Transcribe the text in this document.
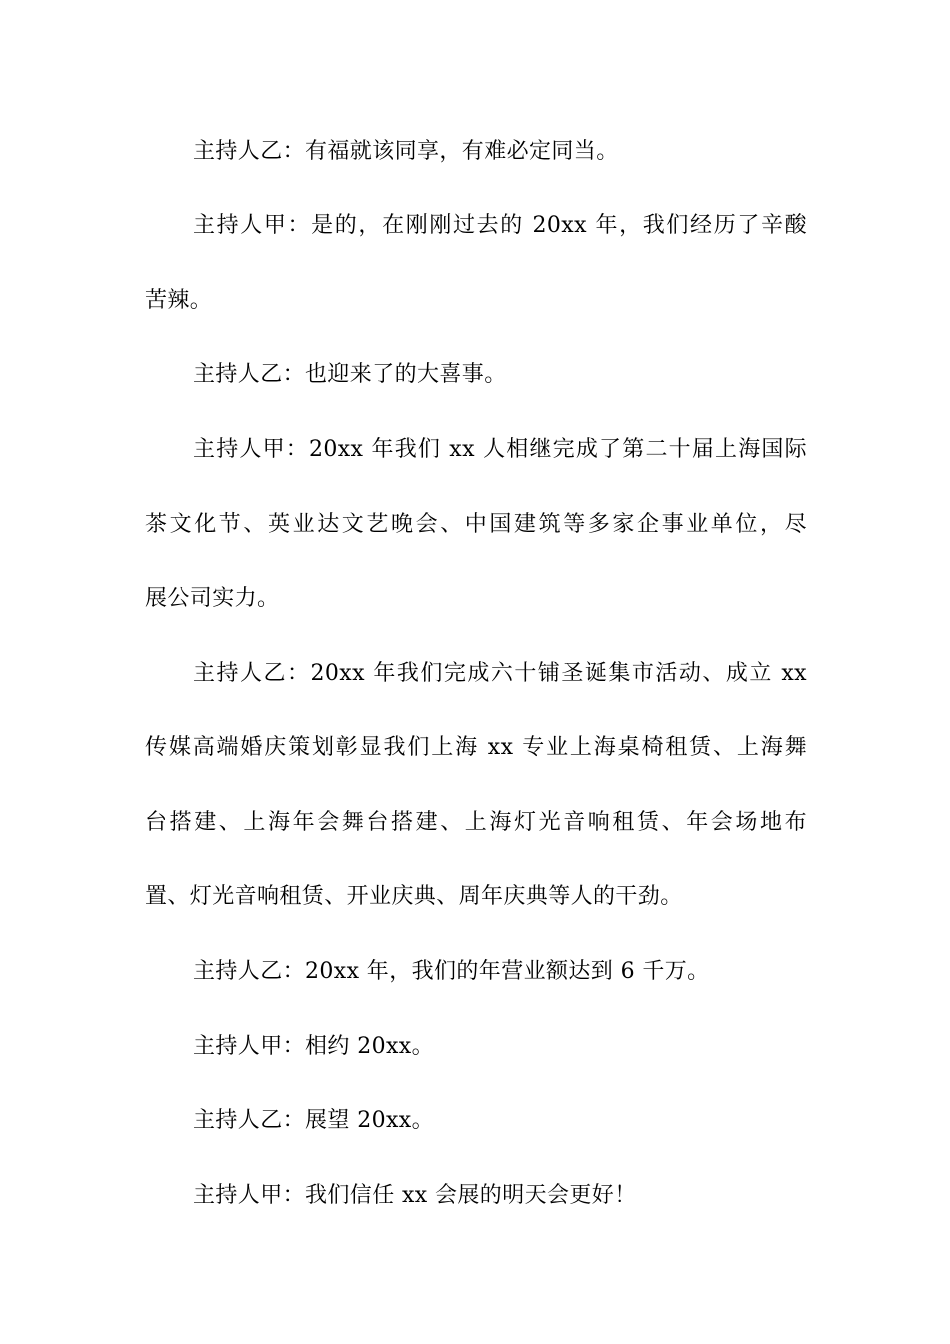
主持人乙：有福就该同享，有难必定同当。
主持人甲：是的，在刚刚过去的 20xx 年，我们经历了辛酸
苦辣。
主持人乙：也迎来了的大喜事。
主持人甲：20xx 年我们 xx 人相继完成了第二十届上海国际
茶文化节、英业达文艺晚会、中国建筑等多家企事业单位，尽
展公司实力。
主持人乙：20xx 年我们完成六十铺圣诞集市活动、成立 xx
传媒高端婚庆策划彰显我们上海 xx 专业上海桌椅租赁、上海舞
台搭建、上海年会舞台搭建、上海灯光音响租赁、年会场地布
置、灯光音响租赁、开业庆典、周年庆典等人的干劲。
主持人乙：20xx 年，我们的年营业额达到 6 千万。
主持人甲：相约 20xx。
主持人乙：展望 20xx。
主持人甲：我们信任 xx 会展的明天会更好！
